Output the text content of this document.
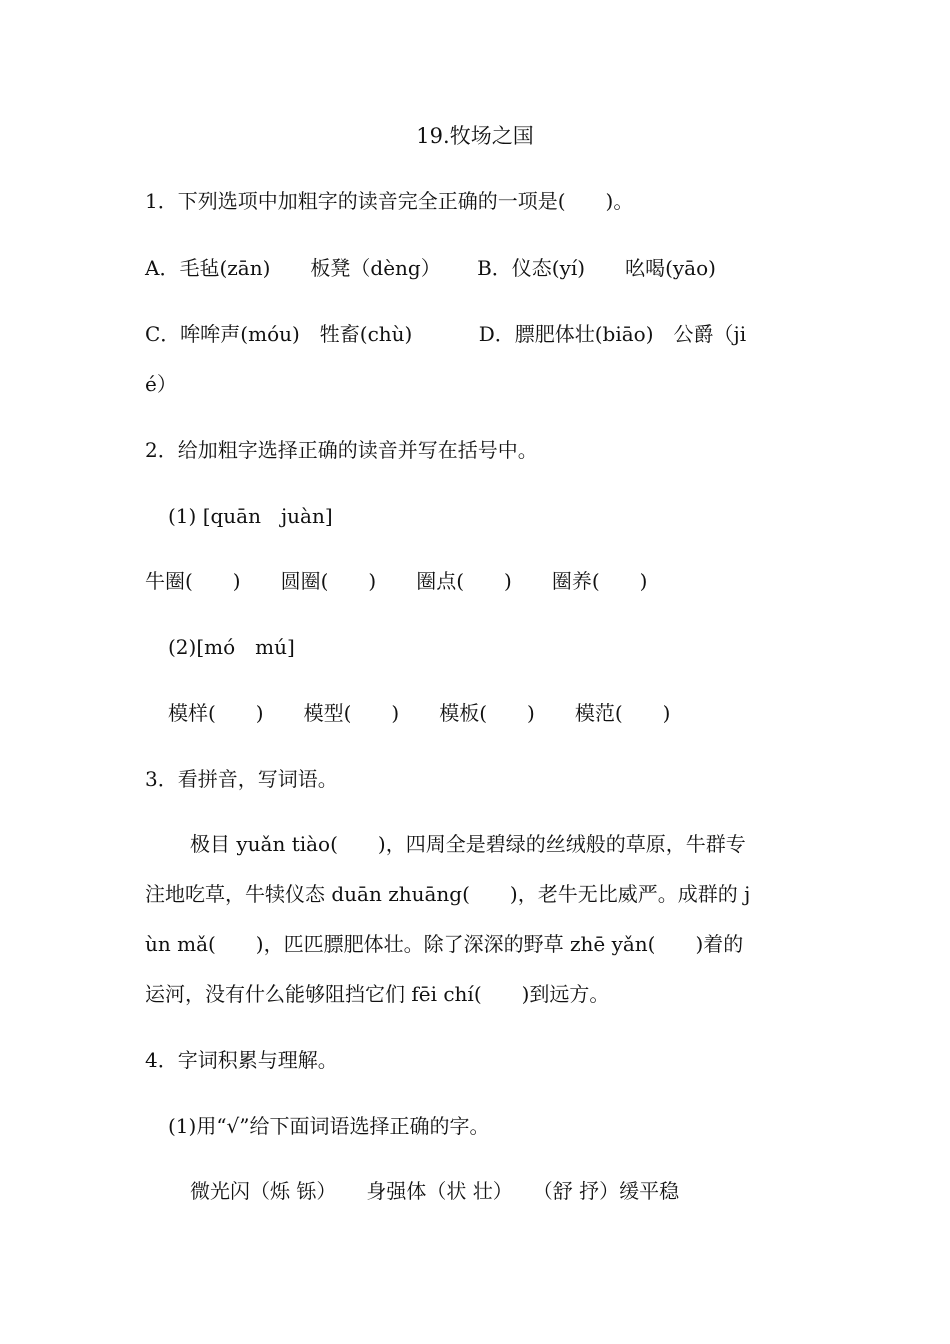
19.牧场之国
1．下列选项中加粗字的读音完全正确的一项是(　　)。
A．毛毡(zān)　　板凳（dèng）　　 B．仪态(yí)　　吆喝(yāo)
C．哞哞声(móu)　牲畜(chù)　　　 D．膘肥体壮(biāo)　公爵（ji
é）
2．给加粗字选择正确的读音并写在括号中。
(1) [quān　juàn]
牛圈(　　)　　圆圈(　　)　　圈点(　　)　　圈养(　　)
(2)[mó　mú]
模样(　　)　　模型(　　)　　模板(　　)　　模范(　　)
3．看拼音，写词语。
极目 yuǎn tiào(　　)，四周全是碧绿的丝绒般的草原，牛群专
注地吃草，牛犊仪态 duān zhuāng(　　)，老牛无比威严。成群的 j
ùn mǎ(　　)，匹匹膘肥体壮。除了深深的野草 zhē yǎn(　　)着的
运河，没有什么能够阻挡它们 fēi chí(　　)到远方。
4．字词积累与理解。
(1)用“√”给下面词语选择正确的字。
微光闪（烁 铄）　　身强体（状 壮）　　（舒 抒）缓平稳
